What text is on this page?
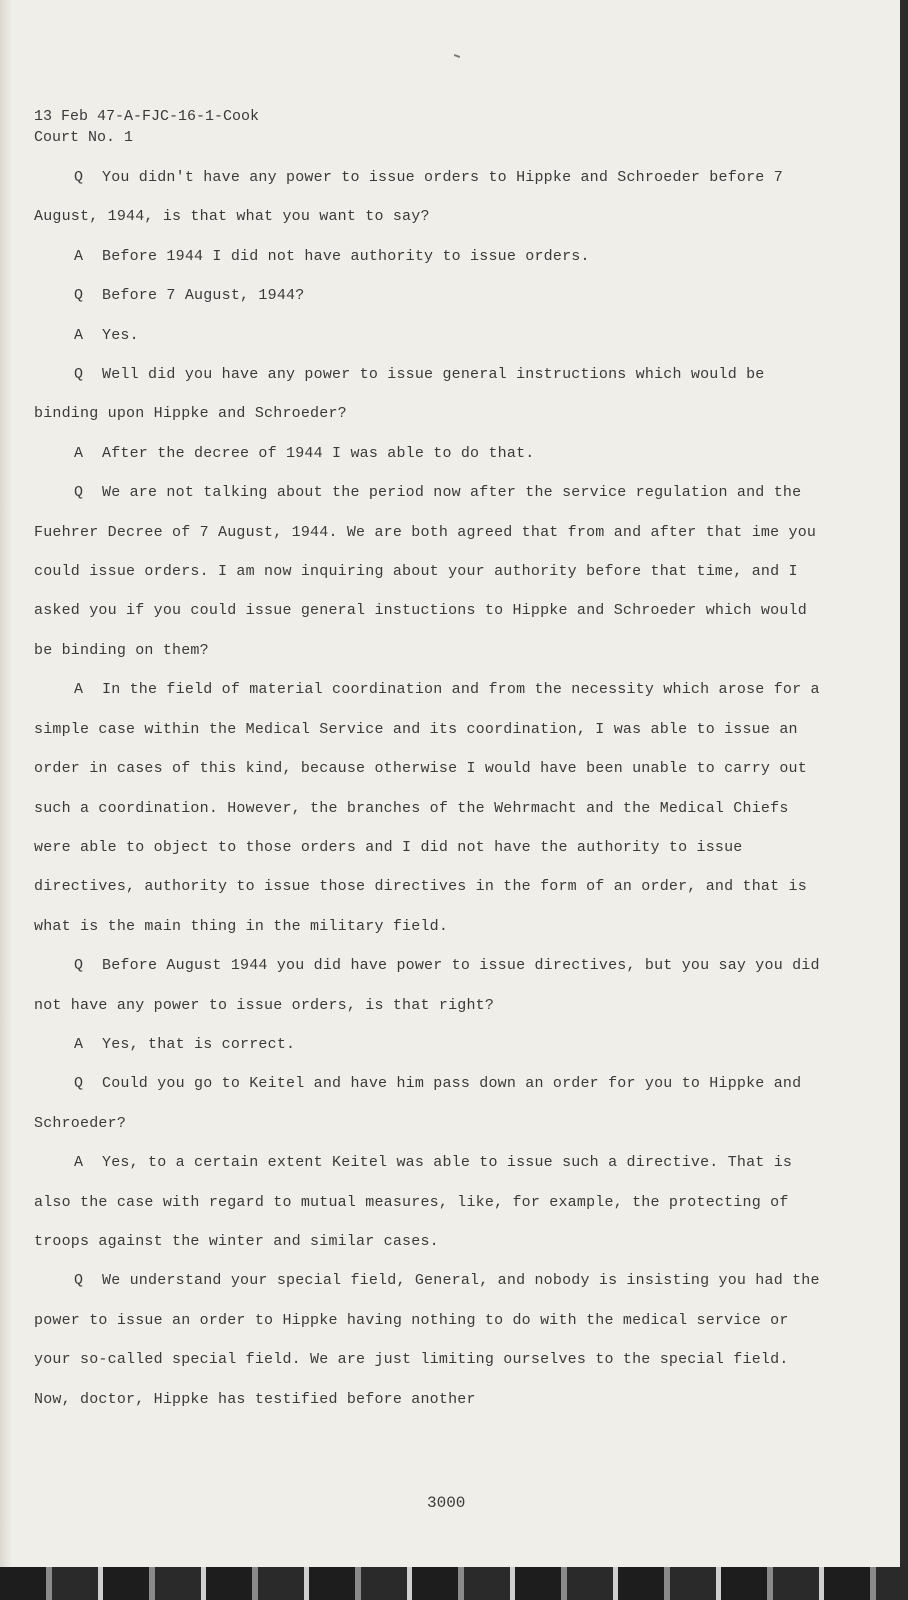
13 Feb 47-A-FJC-16-1-Cook
Court No. 1

Q You didn't have any power to issue orders to Hippke and Schroeder before 7 August, 1944, is that what you want to say?

A Before 1944 I did not have authority to issue orders.

Q Before 7 August, 1944?

A Yes.

Q Well did you have any power to issue general instructions which would be binding upon Hippke and Schroeder?

A After the decree of 1944 I was able to do that.

Q We are not talking about the period now after the service regulation and the Fuehrer Decree of 7 August, 1944. We are both agreed that from and after that ime you could issue orders. I am now inquiring about your authority before that time, and I asked you if you could issue general instuctions to Hippke and Schroeder which would be binding on them?

A In the field of material coordination and from the necessity which arose for a simple case within the Medical Service and its coordination, I was able to issue an order in cases of this kind, because otherwise I would have been unable to carry out such a coordination. However, the branches of the Wehrmacht and the Medical Chiefs were able to object to those orders and I did not have the authority to issue directives, authority to issue those directives in the form of an order, and that is what is the main thing in the military field.

Q Before August 1944 you did have power to issue directives, but you say you did not have any power to issue orders, is that right?

A Yes, that is correct.

Q Could you go to Keitel and have him pass down an order for you to Hippke and Schroeder?

A Yes, to a certain extent Keitel was able to issue such a directive. That is also the case with regard to mutual measures, like, for example, the protecting of troops against the winter and similar cases.

Q We understand your special field, General, and nobody is insisting you had the power to issue an order to Hippke having nothing to do with the medical service or your so-called special field. We are just limiting ourselves to the special field. Now, doctor, Hippke has testified before another

3000
